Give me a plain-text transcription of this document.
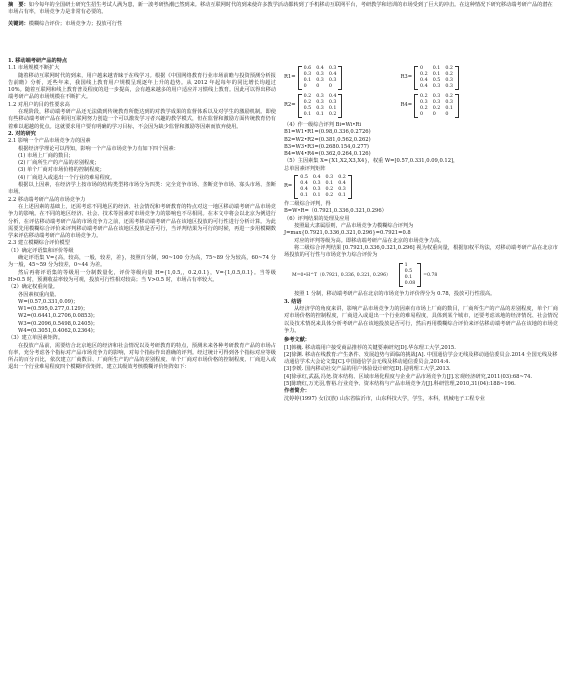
摘　要：如今每年的全国研士研究生招生考试人满为患，新一波考研热潮已然到来。移动互联网时代的到来使许多教学活动都转到了手机移动互联网平台，考研教学和培训的市场受到了巨大的冲击。在这种情况下研究移动端考研产品的潜在市场占有率，市场竞争力是非常有必要的。

关键词：模糊综合评价；市场竞争力；投放可行性

1. 移动端考研产品的特点

1.1 市场规模不断扩大

随着移动互联网时代的到来，用户越来越青睐于在线学习。根据《中国网络教育行业市场前瞻与投资预测分析报告前瞻》分析，近些年来，我国线上教育用户规模呈现逐年上升的趋势。从 2012 年起每年的同比增长均超过 10%。随着互联网和线上教育普及程度的进一步提高，会有越来越多的用户适应并习惯线上教育。因此可以得出移动端考研产品的市场规模在不断扩大。

1.2 对用户的目的性要求高

在现阶段，移动端考研产品还无法做到传统教育所能达到的对教学成果的监督体系以及对学生的激励机制。即使有些移动端考研产品在利用互联网努力创造一个可以激发学习者兴趣的教学模式，但在监督和激励方面传统教育仍有着难以超越的优点。这就要求用户要有明确的学习目标，不会因为缺少监督和激励等因素而放弃使用。

2. 对的研究

2.1 影响一个产品市场竞争力的因素

根据经济学理论可以得知，影响一个产品市场竞争力有如下四个因素：

(1) 市场上厂商的数目；

(2) 厂商所生产的产品的差别程度；

(3) 单个厂商对市场价格的控制程度；

(4) 厂商进入或退出一个行业的难易程度。

根据以上因素，在经济学上按市场的结构类型将市场分为四类：完全竞争市场、垄断竞争市场、寡头市场、垄断市场。

2.2 移动端考研产品的市场竞争力

在上述因素的基础上，还需考虑不同地区的经济、社会情况和考研教育的特点对这一地区移动端考研产品市场竞争力的影响。在不同的地区经济、社会、技术等因素对市场竞争力的影响也不尽相同。在本文中将会以北京为例进行分析，在评估移动端考研产品的市场竞争力之前，还需考移动端考研产品在该地区投放的可行性进行分析计算。为此需要先用模糊综合评价来评判移动端考研产品在该地区投放是否可行，当评判结果为可行的时候，再进一步用模糊数学来评估移动端考研产品的市场竞争力。

2.3 建立模糊综合评价模型

（1）确定评语集和评价等级

确定评语集 V={高，较高，一般，较差，差}，按照百分制，90~100 分为高，75~89 分为较高，60~74 分为一般，45~59 分为较差，0~44 为差。

然后再将评语集的等级用一分制数量化，评价等级向量 H={1,0.5,，0.2,0.1}，V={1,0.5,0.1}。当等级 H>0.5 时，预测收益率较为可观，投放可行性相对较高；当 V>0.5 时，市场占有率较大。

（2）确定权重向量。

各因素权重向量。

W=(0.57,0.331,0.09)；

W1=(0.595,0.277,0.129)；

W2=(0.6441,0.2706,0.0853)；

W3=(0.2096,0.5498,0.2405)；

W4=(0.3051,0.4062,0.2364)；

（3）建立单因素矩阵。

在投放产品前，需要结合北京地区的经济和社会情况以及考研教育的特点，预测未来各种考研教育产品的市场占有率，充分考虑各个指标对产品市场竞争力的影响，对每个指标作出准确的评判。经过统计可得到各个指标对应等级所占的百分百比，依次建立厂商数目、厂商所生产的产品的差别程度、单个厂商对市场价格的控制程度、厂商进入或退出一个行业难易程度四个模糊评价矩阵。建立其级效考核模糊评价矩阵如下：

R1=
0.6 0.4 0.3
0.3 0.3 0.4
0.1 0.3 0.3
0	0	0
R3=
0	0.1 0.2
0.2 0.1 0.2
0.4 0.5 0.3
0.4 0.3 0.3
R2=
0.2 0.3 0.4
0.2 0.3 0.3
0.5 0.3 0.1
0.1 0.1 0.2
R4=
0.2 0.3 0.2
0.3 0.3 0.3
0.2 0.2 0.1
0	0	0

（4）作一级综合评判 Bi=Wi•Ri

B1=W1•R1=(0.98,0.336,0.2726)

B2=W2•R2=(0.381,0.562,0.262)

B3=W3•R3=(0.2680.154,0.277)

B4=W4•R4=(0.362,0.264,0.126)

（5）主因素集 X={X1,X2,X3,X4}，权重 W=[0.57,0.331,0.09,0.12]，

总单因素评判矩阵

R=
0.5 0.4 0.3 0.2
0.4 0.3 0.1 0.4
0.4 0.3 0.2 0.3
0.1 0.1 0.2 0.1

作二级综合评判，得

B=W•R=（0.7921,0.336,0.321,0.296）

（6）评判结果的处理及应用

按照最大隶属原则，产品市场竞争力模糊综合评判为

J=max{0.7921,0.336,0.321,0.296}=0.7921=0.8

对应的评判等级为高。即移动端考研产品在北京的市场竞争力高。

将二级综合评判结果 [0.7921,0.336,0.321,0.296] 视为权重向量，根据加权平均法，对移动端考研产品在北京市场投放的可行性与市场竞争力综合评价为

M=0•H^T（0.7921, 0.336, 0.321, 0.296）
1
0.5
0.1
0.08
=0.78

按照 1 分制，移动端考研产品在北京的市场竞争力评价得分为 0.78，投放可行性很高。

3. 结语

从经济学的角度来讲，影响产品市场竞争力的因素有市场上厂商的数目，厂商所生产的产品的差别程度，单个厂商对市场价格的控制程度，厂商进入或退出一个行业的难易程度，具体到某个城市，还要考虑该地的经济情况、社会情况以及技术情况来具体分析考研产品在该地投放是否可行，然后再用模糊综合评价来评估移动端考研产品在该地的市场竞争力。

参考文献：

[1]韩巍. 移动端用户接受商品推荐的关键要素研究[D].华东理工大学,2015.

[2]徐渊. 移动在线教育:产生条件、发展趋势与面临的挑战[A]. 中国通信学会无线及移动通信委员会.2014 全国无线及移动通信学术大会论文集[C].中国通信学会无线及移动通信委员会,2014:4.

[3]李媛. 国内移动社交产品的用户体验设计研究[D].昆明理工大学,2013.

[4]徐承红,武磊,冯尧.资本结构、区域市场化程度与企业产品市场竞争力[J].宏观经济研究,2011(03):68~74.

[5]陈晓红,万光羽,曹裕.行业竞争、资本结构与产品市场竞争力[J].科研管理,2010,31(04):188~196.

作者简介：

沈婷婷(1997) 女(汉族) 山东省临沂市，山东科技大学，学生，本科，机械电子工程专业
